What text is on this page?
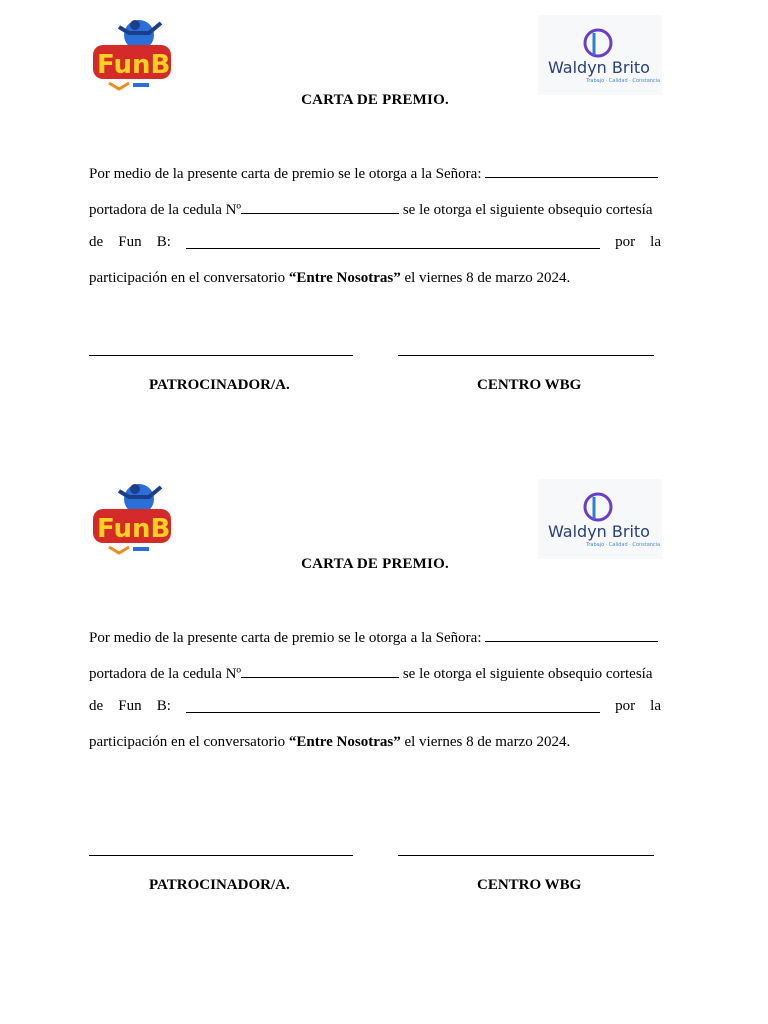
FunB	Waldyn Brito
Trabajo · Calidad · Constancia
CARTA DE PREMIO.
Por medio de la presente carta de premio se le otorga a la Señora:
portadora de la cedula Nº	se le otorga el siguiente obsequio cortesía
de Fun B:	por la
participación en el conversatorio “Entre Nosotras” el viernes 8 de marzo 2024.
PATROCINADOR/A.	CENTRO WBG
FunB	Waldyn Brito
Trabajo · Calidad · Constancia
CARTA DE PREMIO.
Por medio de la presente carta de premio se le otorga a la Señora:
portadora de la cedula Nº	se le otorga el siguiente obsequio cortesía
de Fun B:	por la
participación en el conversatorio “Entre Nosotras” el viernes 8 de marzo 2024.
PATROCINADOR/A.	CENTRO WBG
